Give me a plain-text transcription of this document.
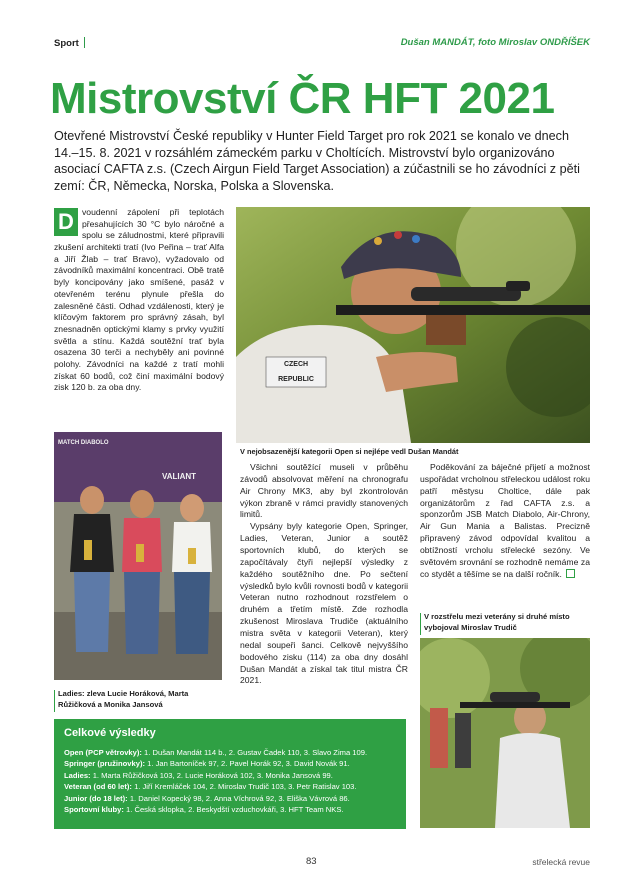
Sport	Dušan MANDÁT, foto Miroslav ONDŘÍŠEK
Mistrovství ČR HFT 2021

Otevřené Mistrovství České republiky v Hunter Field Target pro rok 2021 se konalo ve dnech 14.–15. 8. 2021 v rozsáhlém zámeckém parku v Choltících. Mistrovství bylo organizováno asociací CAFTA z.s. (Czech Airgun Field Target Association) a zúčastnili se ho závodníci z pěti zemí: ČR, Německa, Norska, Polska a Slovenska.

D voudenní zápolení při teplotách přesahujících 30 °C bylo náročné a spolu se záludnostmi, které připravili zkušení architekti tratí (Ivo Peřina – trať Alfa a Jiří Žlab – trať Bravo), vyžadovalo od závodníků maximální koncentraci. Obě tratě byly koncipovány jako smíšené, pasáž v otevřeném terénu plynule přešla do zalesněné části. Odhad vzdálenosti, který je klíčovým faktorem pro správný zásah, byl znesnadněn optickými klamy s prvky využití světla a stínu. Každá soutěžní trať byla osazena 30 terči a nechyběly ani povinné polohy. Závodníci na každé z tratí mohli získat 60 bodů, což činí maximální bodový zisk 120 b. za oba dny.
CZECH REPUBLIC
V nejobsazenější kategorii Open si nejlépe vedl Dušan Mandát
MATCH DIABOLO
VALIANT
Ladies: zleva Lucie Horáková, Marta Růžičková a Monika Jansová

Všichni soutěžící museli v průběhu závodů absolvovat měření na chronografu Air Chrony MK3, aby byl zkontrolován výkon zbraně v rámci pravidly stanovených limitů.

Vypsány byly kategorie Open, Springer, Ladies, Veteran, Junior a soutěž sportovních klubů, do kterých se započítávaly čtyři nejlepší výsledky z každého soutěžního dne. Po sečtení výsledků bylo kvůli rovnosti bodů v kategorii Veteran nutno rozhodnout rozstřelem o druhém a třetím místě. Zde rozhodla zkušenost Miroslava Trudiče (aktuálního mistra světa v kategorii Veteran), který nedal soupeři šanci. Celkově nejvyššího bodového zisku (114) za oba dny dosáhl Dušan Mandát a získal tak titul mistra ČR 2021.

Poděkování za báječné přijetí a možnost uspořádat vrcholnou střeleckou událost roku patří městysu Choltice, dále pak organizátorům z řad CAFTA z.s. a sponzorům JSB Match Diabolo, Air-Chrony, Air Gun Mania a Balistas. Precizně připravený závod odpovídal kvalitou a obtížností vrcholu střelecké sezóny. Ve světovém srovnání se rozhodně nemáme za co stydět a těšíme se na další ročník.

V rozstřelu mezi veterány si druhé místo vybojoval Miroslav Trudič
Celkové výsledky
Open (PCP větrovky): 1. Dušan Mandát 114 b., 2. Gustav Čadek 110, 3. Slavo Zima 109.
Springer (pružinovky): 1. Jan Bartoníček 97, 2. Pavel Horák 92, 3. David Novák 91.
Ladies: 1. Marta Růžičková 103, 2. Lucie Horáková 102, 3. Monika Jansová 99.
Veteran (od 60 let): 1. Jiří Kremláček 104, 2. Miroslav Trudič 103, 3. Petr Ratislav 103.
Junior (do 18 let): 1. Daniel Kopecký 98, 2. Anna Víchrová 92, 3. Eliška Vávrová 86.
Sportovní kluby: 1. Česká sklopka, 2. Beskydští vzduchovkáři, 3. HFT Team NKS.
83	střelecká revue
